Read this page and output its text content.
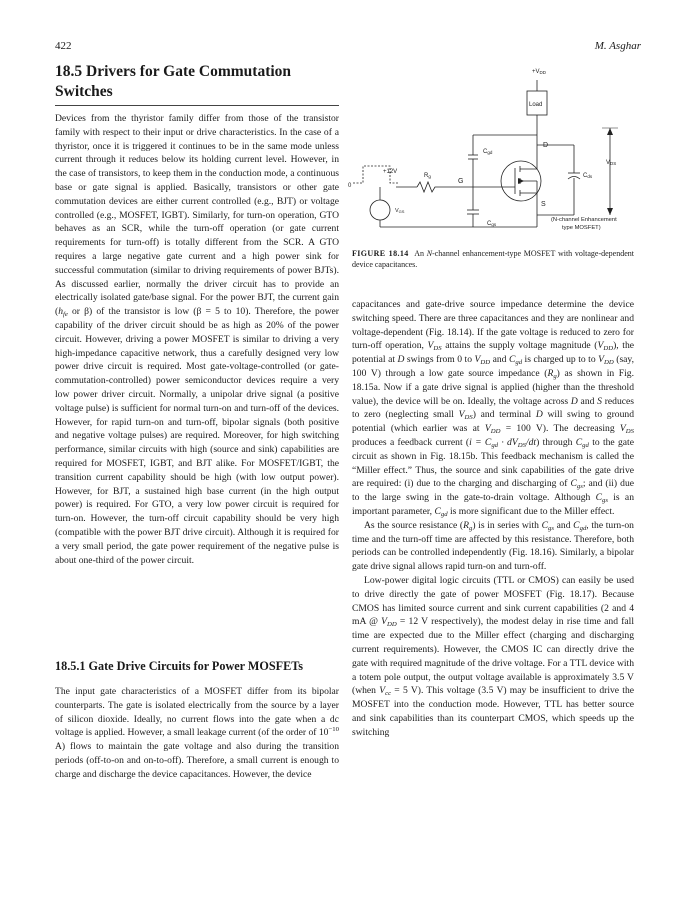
422	M. Asghar
18.5 Drivers for Gate Commutation Switches

Devices from the thyristor family differ from those of the transistor family with respect to their input or drive characteristics. In the case of a thyristor, once it is triggered it continues to be in the same mode unless current through it reduces below its holding current level. However, in the case of transistors, to keep them in the conduction mode, a continuous base or gate signal is applied. Basically, transistors or other gate commutation devices are either current controlled (e.g., BJT) or voltage controlled (e.g., MOSFET, IGBT). Similarly, for turn-on operation, GTO behaves as an SCR, while the turn-off operation (or gate current requirements for turn-off) is totally different from the SCR. A GTO requires a large negative gate current and a high power sink for successful commutation (similar to driving requirements of power BJTs). As discussed earlier, normally the driver circuit has to provide an electrically isolated gate/base signal. For the power BJT, the current gain ($h_{fe}$ or β) of the transistor is low (β = 5 to 10). Therefore, the power capability of the driver circuit should be as high as 20% of the power circuit. However, driving a power MOSFET is similar to driving a very high-impedance capacitive network, thus a carefully designed very low power drive circuit is required. Most gate-voltage-controlled (or gate-commutation-controlled) power semiconductor devices require a very low power driver circuit. Normally, a unipolar drive signal (a positive voltage pulse) is sufficient for normal turn-on and turn-off of the devices. However, for rapid turn-on and turn-off, bipolar signals (both positive and negative voltage pulses) are required. Moreover, for high switching performance, similar circuits with high (source and sink) capabilities are required for MOSFET, IGBT, and BJT alike. For MOSFET/IGBT, the transition current capability should be high (with low output power). However, for BJT, a sustained high base current (in the high output power) is required. For GTO, a very low power circuit is required for turn-on. However, the turn-off circuit capability should be very high (compatible with the power BJT drive circuit). Although it is required for a very small period, the gate power requirement of the negative pulse is about one-third of the power circuit.

18.5.1 Gate Drive Circuits for Power MOSFETs

The input gate characteristics of a MOSFET differ from its bipolar counterparts. The gate is isolated electrically from the source by a layer of silicon dioxide. Ideally, no current flows into the gate when a dc voltage is applied. However, a small leakage current (of the order of $10^{-10}$ A) flows to maintain the gate voltage and also during the transition periods (off-to-on and on-to-off). Therefore, a small current is enough to charge and discharge the device capacitances. However, the device

+VDD
Load
Cgd
D
VDS
Cds
G
Rg
+12V
0
VGS
S
Cgs
(N-channel Enhancement
type MOSFET)
FIGURE 18.14 An N-channel enhancement-type MOSFET with voltage-dependent device capacitances.

capacitances and gate-drive source impedance determine the device switching speed. There are three capacitances and they are nonlinear and voltage-dependent (Fig. 18.14). If the gate voltage is reduced to zero for turn-off operation, $V_{DS}$ attains the supply voltage magnitude $(V_{DD})$, the potential at D swings from 0 to $V_{DD}$ and $C_{gd}$ is charged up to to $V_{DD}$ (say, 100 V) through a low gate source impedance $(R_g)$ as shown in Fig. 18.15a. Now if a gate drive signal is applied (higher than the threshold value), the device will be on. Ideally, the voltage across D and S reduces to zero (neglecting small $V_{DS}$) and terminal D will swing to ground potential (which earlier was at $V_{DD} = 100$ V). The decreasing $V_{DS}$ produces a feedback current $(i = C_{gd} \cdot dV_{DS}/dt)$ through $C_{gd}$ to the gate circuit as shown in Fig. 18.15b. This feedback mechanism is called the “Miller effect.” Thus, the source and sink capabilities of the gate drive are required: (i) due to the charging and discharging of $C_{gs}$; and (ii) due to the large swing in the gate-to-drain voltage. Although $C_{gs}$ is an important parameter, $C_{gd}$ is more significant due to the Miller effect.

As the source resistance $(R_g)$ is in series with $C_{gs}$ and $C_{gd}$, the turn-on time and the turn-off time are affected by this resistance. Therefore, both periods can be controlled independently (Fig. 18.16). Similarly, a bipolar gate drive signal allows rapid turn-on and turn-off.

Low-power digital logic circuits (TTL or CMOS) can easily be used to drive directly the gate of power MOSFET (Fig. 18.17). Because CMOS has limited source current and sink current capabilities (2 and 4 mA @ $V_{DD} = 12$ V respectively), the modest delay in rise time and fall time are expected due to the Miller effect (charging and discharging current requirements). However, the CMOS IC can directly drive the gate with required magnitude of the drive voltage. For a TTL device with a totem pole output, the output voltage available is approximately 3.5 V (when $V_{cc} = 5$ V). This voltage (3.5 V) may be insufficient to drive the MOSFET into the conduction mode. However, TTL has better source and sink capabilities than its counterpart CMOS, which speeds up the switching
